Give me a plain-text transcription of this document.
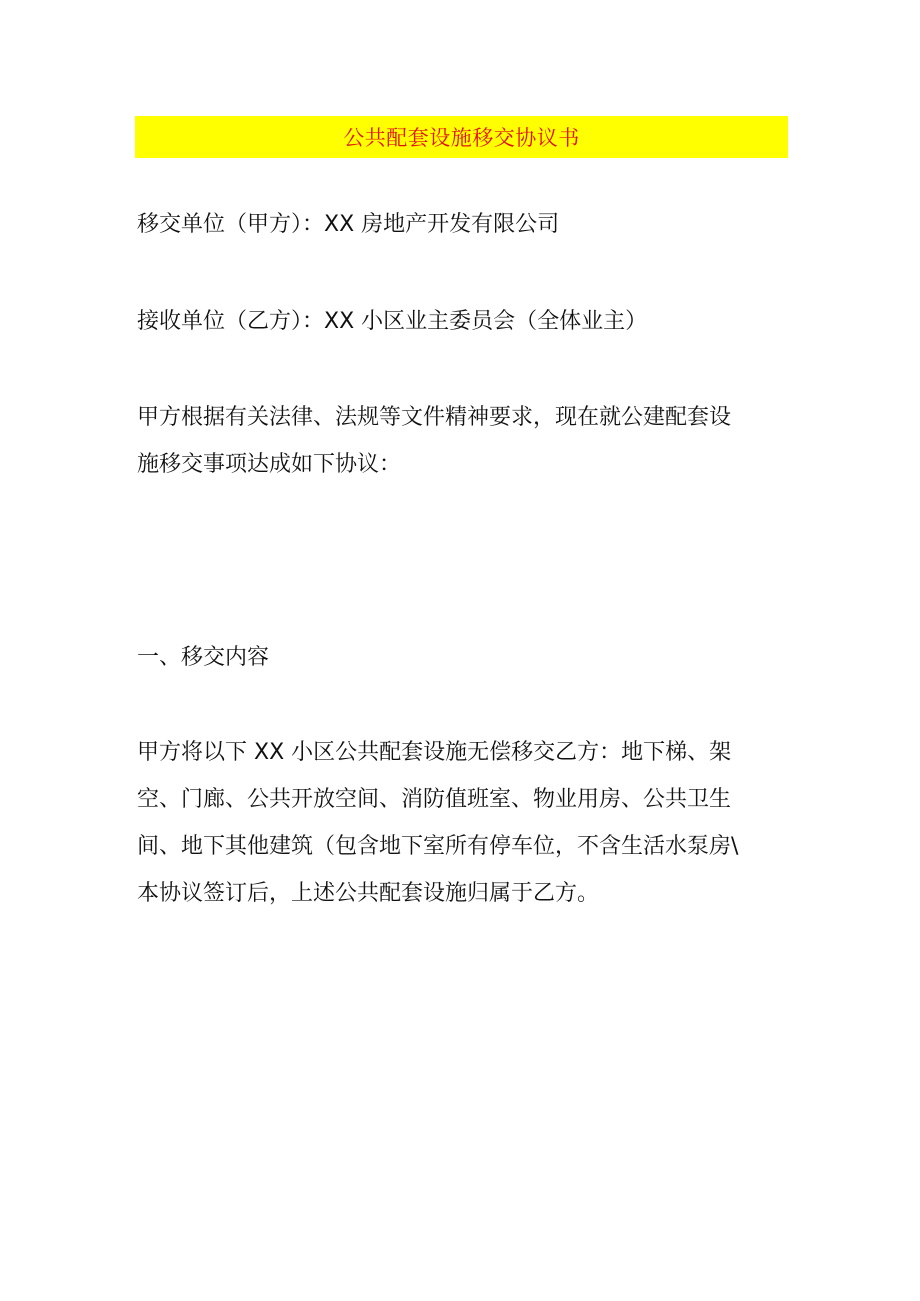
公共配套设施移交协议书

移交单位（甲方）：XX 房地产开发有限公司

接收单位（乙方）：XX 小区业主委员会（全体业主）

甲方根据有关法律、法规等文件精神要求，现在就公建配套设
施移交事项达成如下协议：

一、移交内容

甲方将以下 XX 小区公共配套设施无偿移交乙方：地下梯、架
空、门廊、公共开放空间、消防值班室、物业用房、公共卫生
间、地下其他建筑（包含地下室所有停车位，不含生活水泵房\
本协议签订后，上述公共配套设施归属于乙方。
